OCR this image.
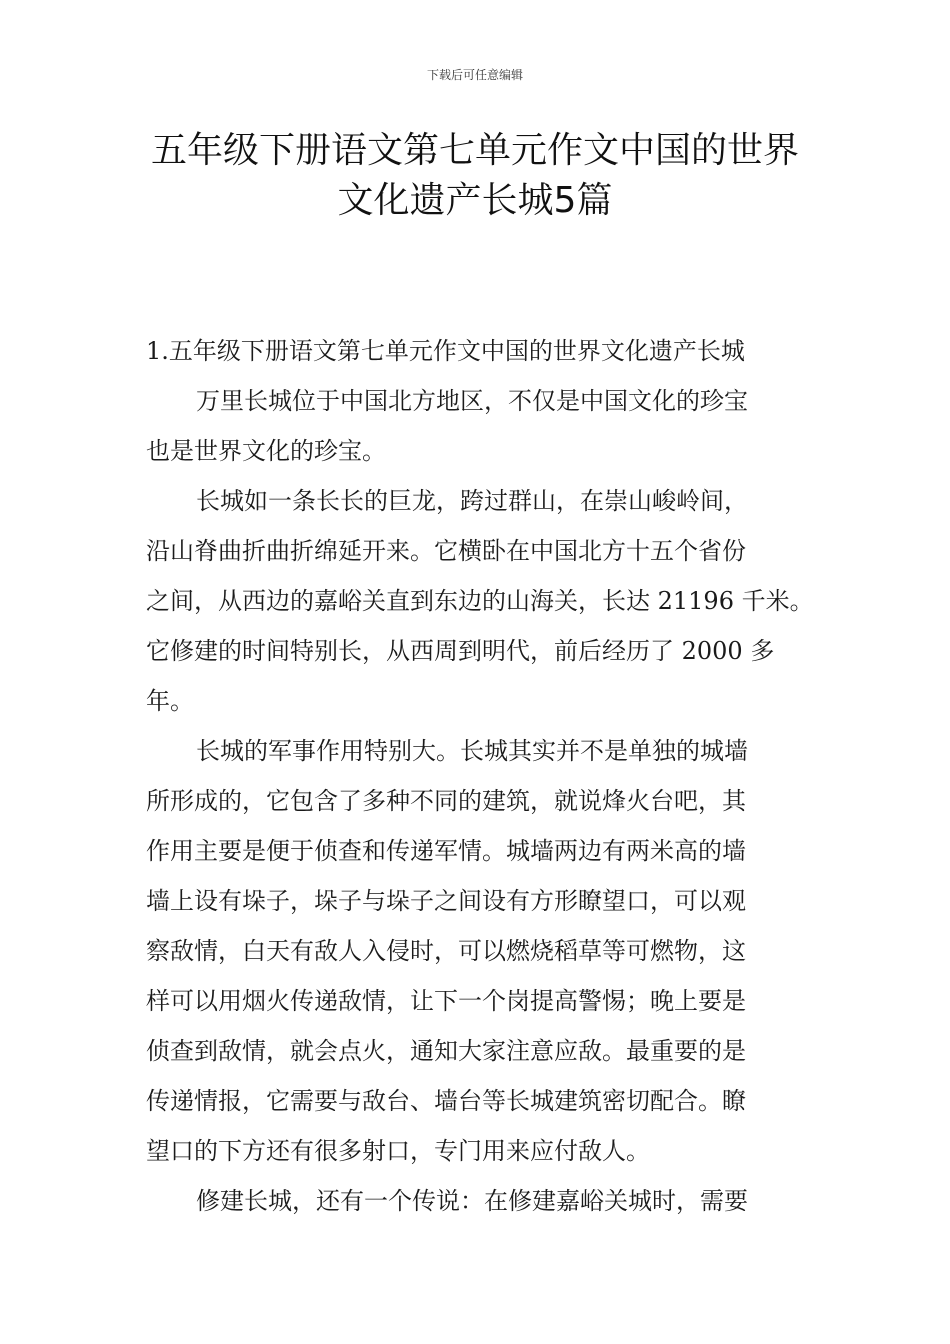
下载后可任意编辑
五年级下册语文第七单元作文中国的世界
文化遗产长城5篇
1.五年级下册语文第七单元作文中国的世界文化遗产长城
万里长城位于中国北方地区，不仅是中国文化的珍宝
也是世界文化的珍宝。
长城如一条长长的巨龙，跨过群山，在崇山峻岭间，
沿山脊曲折曲折绵延开来。它横卧在中国北方十五个省份
之间，从西边的嘉峪关直到东边的山海关，长达 21196 千米。
它修建的时间特别长，从西周到明代，前后经历了 2000 多
年。
长城的军事作用特别大。长城其实并不是单独的城墙
所形成的，它包含了多种不同的建筑，就说烽火台吧，其
作用主要是便于侦查和传递军情。城墙两边有两米高的墙
墙上设有垛子，垛子与垛子之间设有方形瞭望口，可以观
察敌情，白天有敌人入侵时，可以燃烧稻草等可燃物，这
样可以用烟火传递敌情，让下一个岗提高警惕；晚上要是
侦查到敌情，就会点火，通知大家注意应敌。最重要的是
传递情报，它需要与敌台、墙台等长城建筑密切配合。瞭
望口的下方还有很多射口，专门用来应付敌人。
修建长城，还有一个传说：在修建嘉峪关城时，需要
